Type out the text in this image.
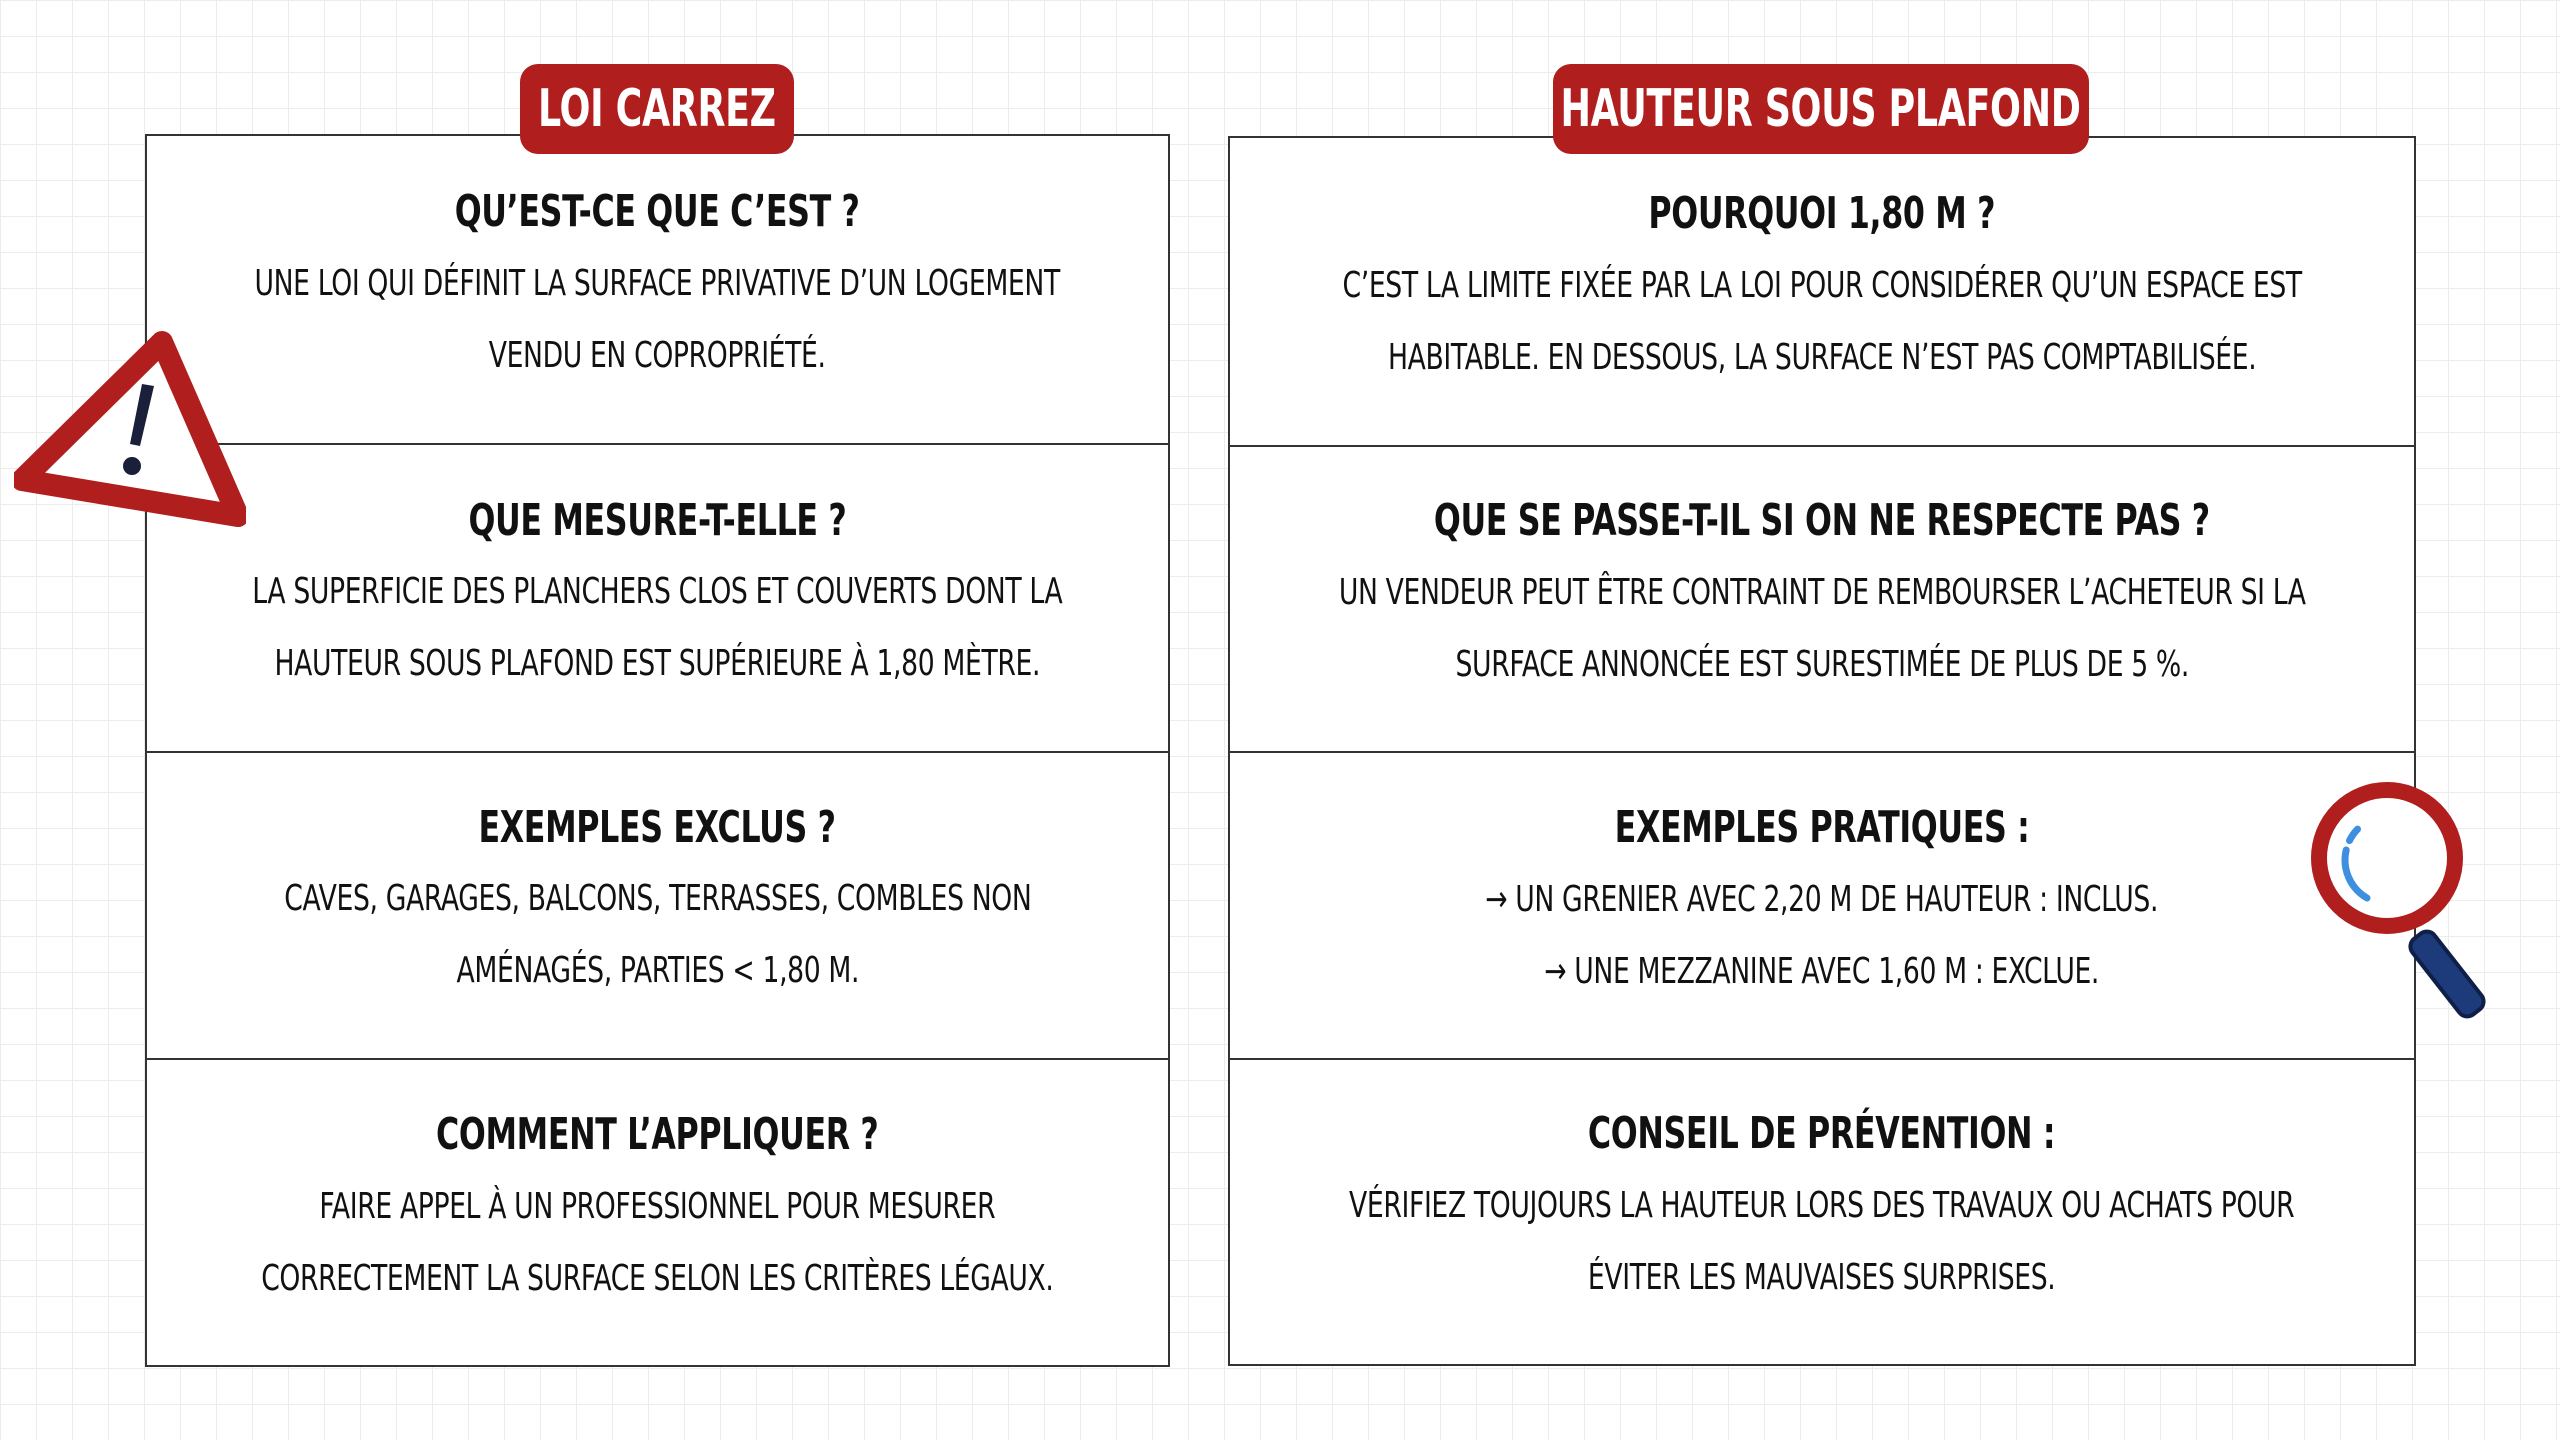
QU’EST-CE QUE C’EST ?
UNE LOI QUI DÉFINIT LA SURFACE PRIVATIVE D’UN LOGEMENT
VENDU EN COPROPRIÉTÉ.
QUE MESURE-T-ELLE ?
LA SUPERFICIE DES PLANCHERS CLOS ET COUVERTS DONT LA
HAUTEUR SOUS PLAFOND EST SUPÉRIEURE À 1,80 MÈTRE.
EXEMPLES EXCLUS ?
CAVES, GARAGES, BALCONS, TERRASSES, COMBLES NON
AMÉNAGÉS, PARTIES < 1,80 M.
COMMENT L’APPLIQUER ?
FAIRE APPEL À UN PROFESSIONNEL POUR MESURER
CORRECTEMENT LA SURFACE SELON LES CRITÈRES LÉGAUX.
POURQUOI 1,80 M ?
C’EST LA LIMITE FIXÉE PAR LA LOI POUR CONSIDÉRER QU’UN ESPACE EST
HABITABLE. EN DESSOUS, LA SURFACE N’EST PAS COMPTABILISÉE.
QUE SE PASSE-T-IL SI ON NE RESPECTE PAS ?
UN VENDEUR PEUT ÊTRE CONTRAINT DE REMBOURSER L’ACHETEUR SI LA
SURFACE ANNONCÉE EST SURESTIMÉE DE PLUS DE 5 %.
EXEMPLES PRATIQUES :
→ UN GRENIER AVEC 2,20 M DE HAUTEUR : INCLUS.
→ UNE MEZZANINE AVEC 1,60 M : EXCLUE.
CONSEIL DE PRÉVENTION :
VÉRIFIEZ TOUJOURS LA HAUTEUR LORS DES TRAVAUX OU ACHATS POUR
ÉVITER LES MAUVAISES SURPRISES.
LOI CARREZ	HAUTEUR SOUS PLAFOND
